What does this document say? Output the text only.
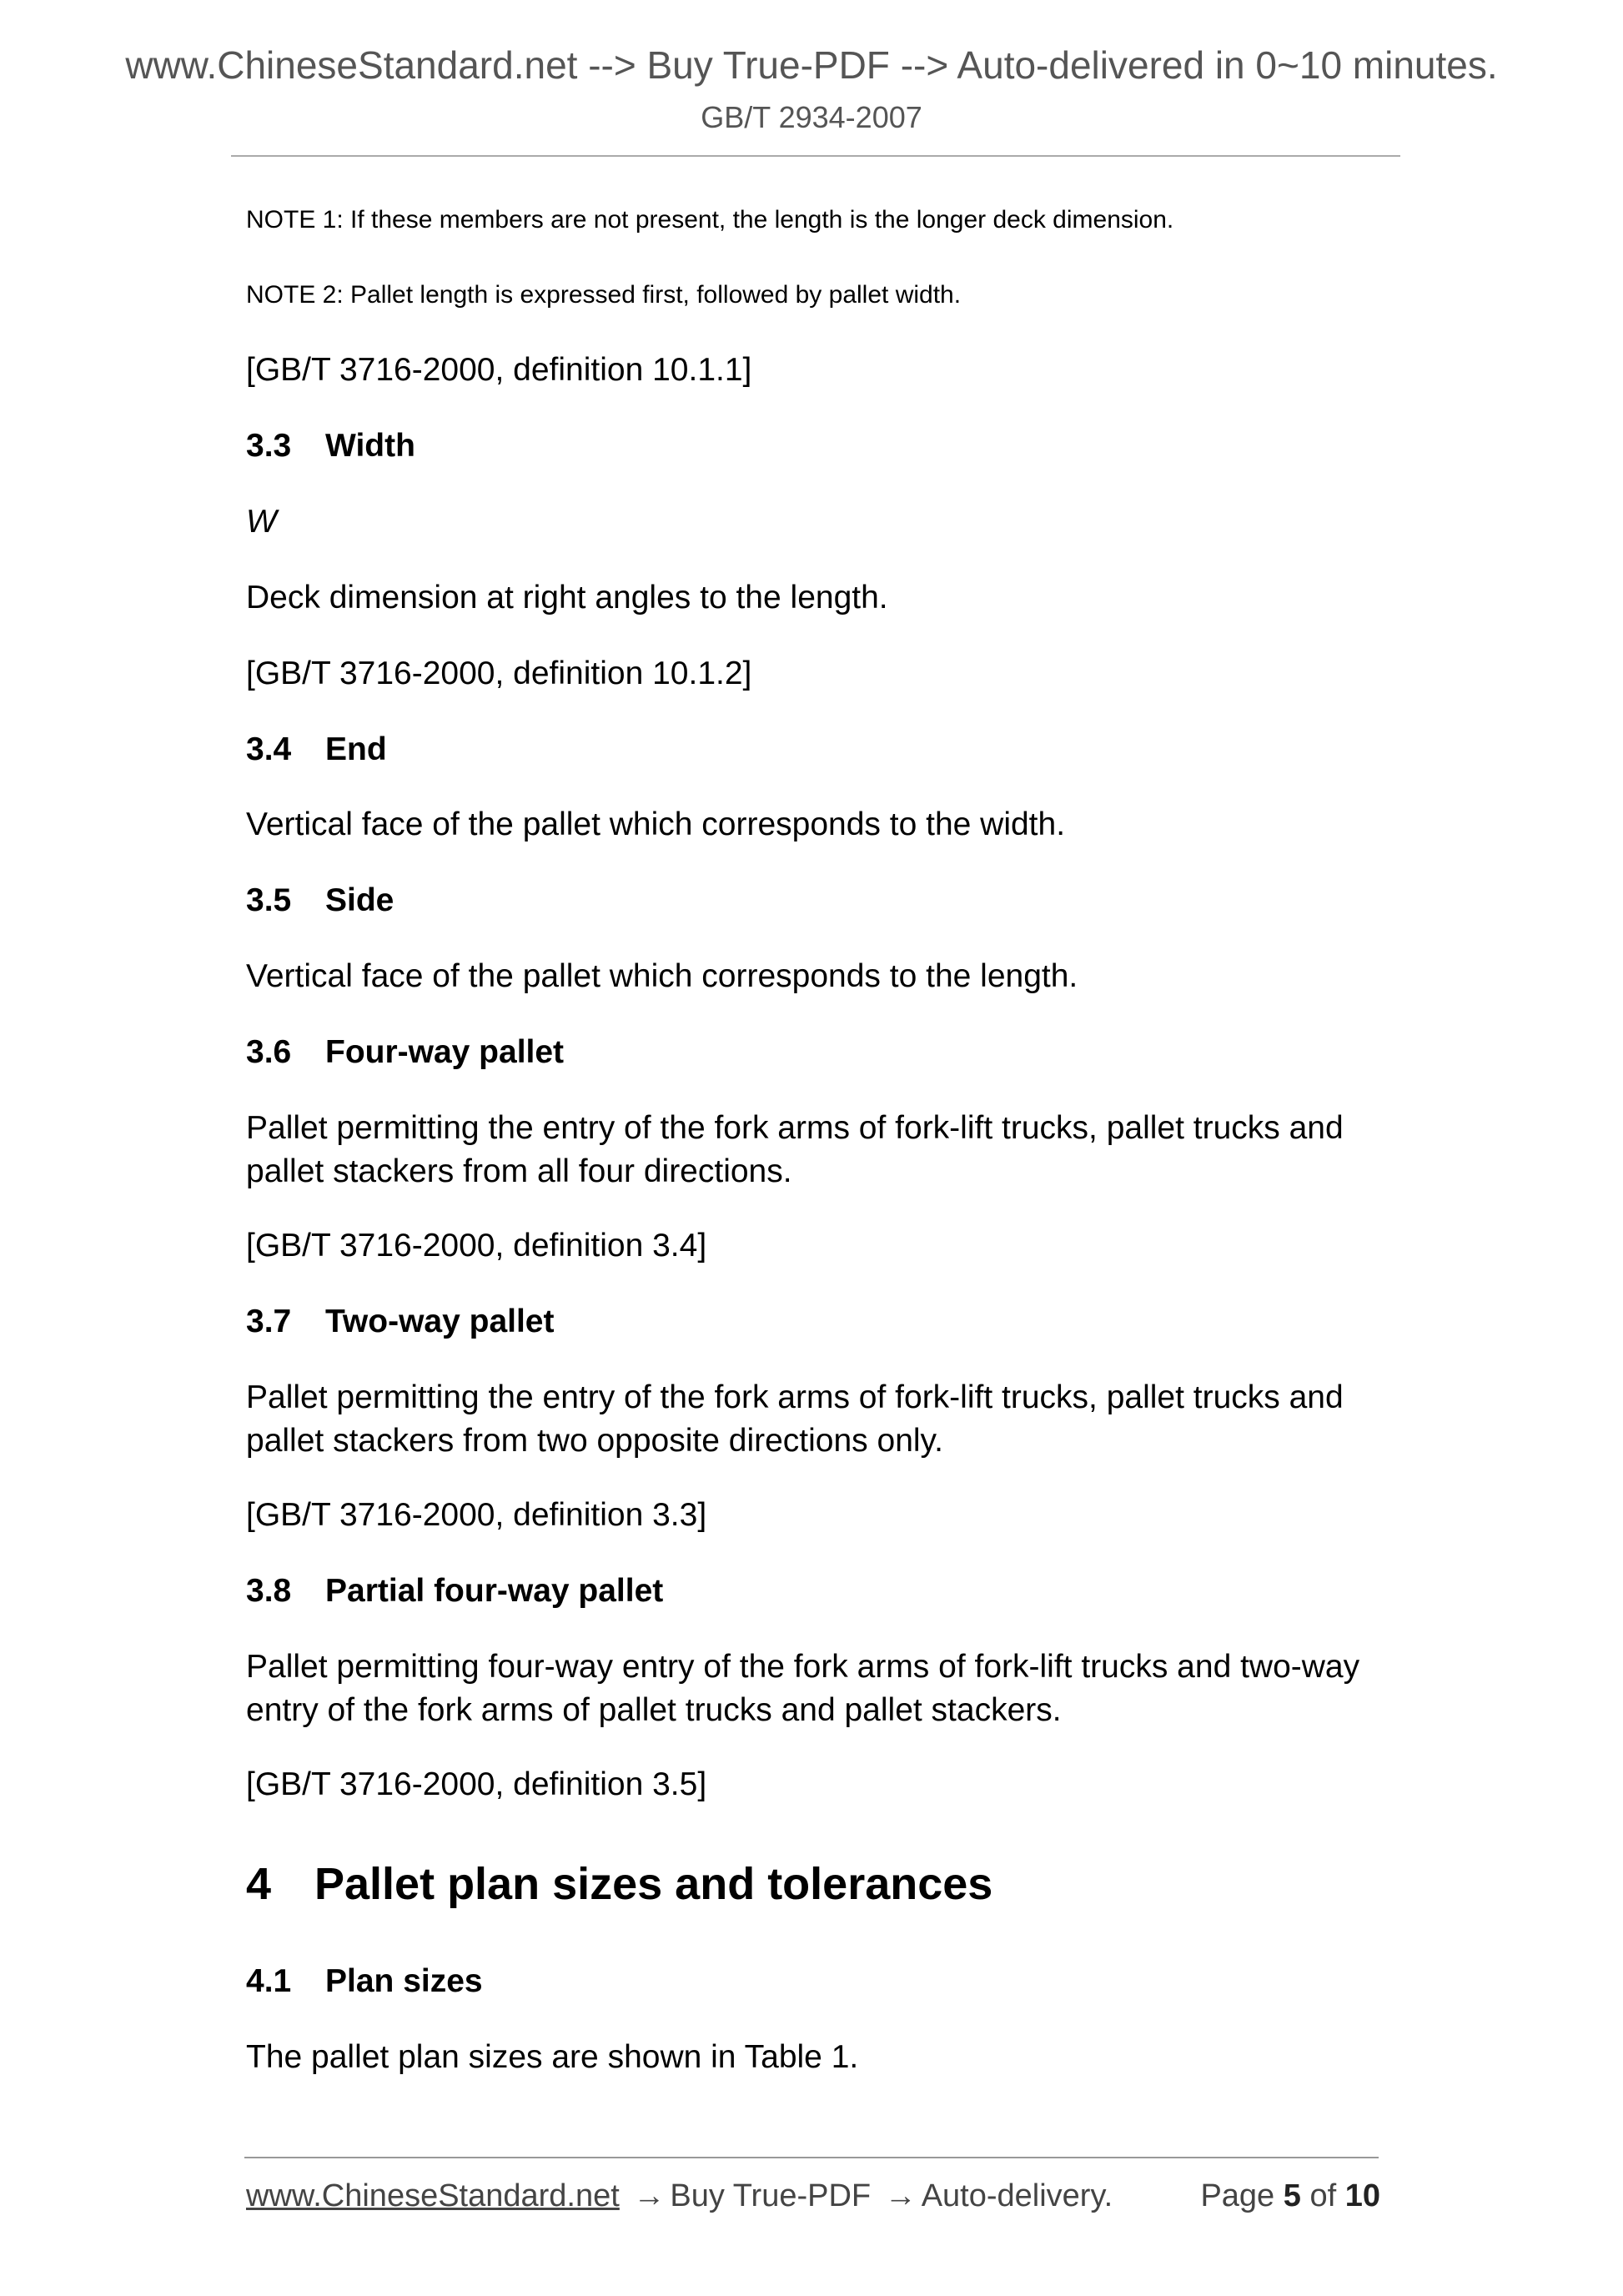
www.ChineseStandard.net --> Buy True-PDF --> Auto-delivered in 0~10 minutes.
GB/T 2934-2007

NOTE 1: If these members are not present, the length is the longer deck dimension.

NOTE 2: Pallet length is expressed first, followed by pallet width.

[GB/T 3716-2000, definition 10.1.1]

3.3 Width

W

Deck dimension at right angles to the length.

[GB/T 3716-2000, definition 10.1.2]

3.4 End

Vertical face of the pallet which corresponds to the width.

3.5 Side

Vertical face of the pallet which corresponds to the length.

3.6 Four-way pallet

Pallet permitting the entry of the fork arms of fork-lift trucks, pallet trucks and
pallet stackers from all four directions.

[GB/T 3716-2000, definition 3.4]

3.7 Two-way pallet

Pallet permitting the entry of the fork arms of fork-lift trucks, pallet trucks and
pallet stackers from two opposite directions only.

[GB/T 3716-2000, definition 3.3]

3.8 Partial four-way pallet

Pallet permitting four-way entry of the fork arms of fork-lift trucks and two-way
entry of the fork arms of pallet trucks and pallet stackers.

[GB/T 3716-2000, definition 3.5]

4 Pallet plan sizes and tolerances

4.1 Plan sizes

The pallet plan sizes are shown in Table 1.

www.ChineseStandard.net → Buy True-PDF → Auto-delivery.	Page 5 of 10
